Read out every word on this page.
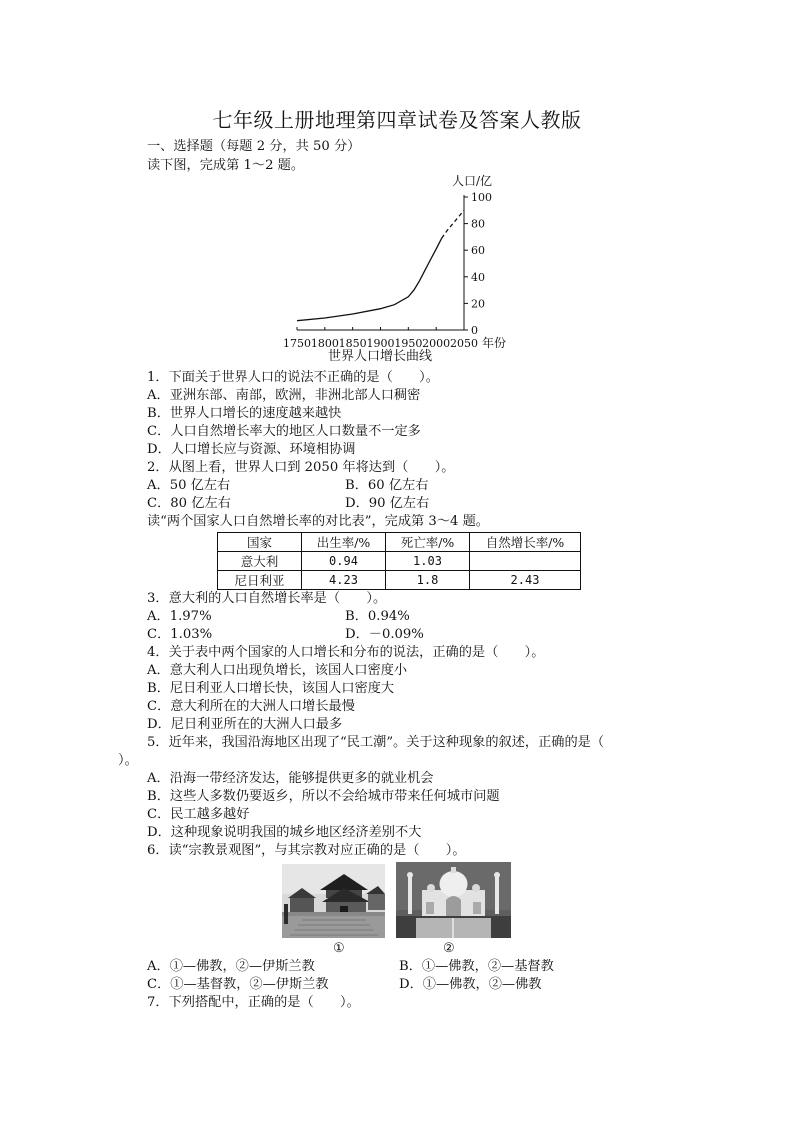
七年级上册地理第四章试卷及答案人教版
一、选择题（每题 2 分，共 50 分）
读下图，完成第 1～2 题。
0
20
40
60
80
100
1750 1800 1850 1900 1950 2000 2050
人口/亿
年份
世界人口增长曲线
1．下面关于世界人口的说法不正确的是（　　）。
A．亚洲东部、南部，欧洲，非洲北部人口稠密
B．世界人口增长的速度越来越快
C．人口自然增长率大的地区人口数量不一定多
D．人口增长应与资源、环境相协调
2．从图上看，世界人口到 2050 年将达到（　　）。
A．50 亿左右	B．60 亿左右
C．80 亿左右	D．90 亿左右
读“两个国家人口自然增长率的对比表”，完成第 3～4 题。
国家	出生率/%	死亡率/%	自然增长率/%
意大利	0.94	1.03	
尼日利亚	4.23	1.8	2.43
3．意大利的人口自然增长率是（　　）。
A．1.97%	B．0.94%
C．1.03%	D．－0.09%
4．关于表中两个国家的人口增长和分布的说法，正确的是（　　）。
A．意大利人口出现负增长，该国人口密度小
B．尼日利亚人口增长快，该国人口密度大
C．意大利所在的大洲人口增长最慢
D．尼日利亚所在的大洲人口最多
5．近年来，我国沿海地区出现了“民工潮”。关于这种现象的叙述，正确的是（
）。
A．沿海一带经济发达，能够提供更多的就业机会
B．这些人多数仍要返乡，所以不会给城市带来任何城市问题
C．民工越多越好
D．这种现象说明我国的城乡地区经济差别不大
6．读“宗教景观图”，与其宗教对应正确的是（　　）。
①	②
A．①—佛教，②—伊斯兰教	B．①—佛教，②—基督教
C．①—基督教，②—伊斯兰教	D．①—佛教，②—佛教
7．下列搭配中，正确的是（　　）。
